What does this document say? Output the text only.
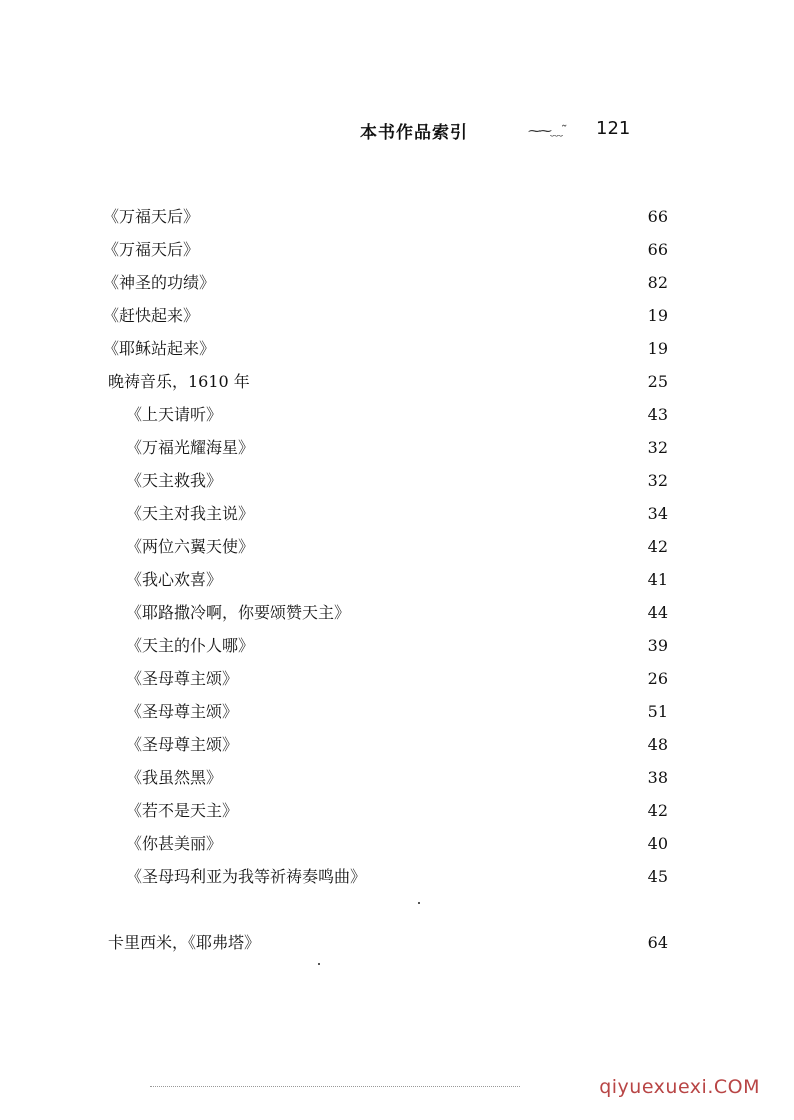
本书作品索引	⁓⁓﹏˜ 121
《万福天后》	66
《万福天后》	66
《神圣的功绩》	82
《赶快起来》	19
《耶稣站起来》	19
晚祷音乐，1610 年	25
《上天请听》	43
《万福光耀海星》	32
《天主救我》	32
《天主对我主说》	34
《两位六翼天使》	42
《我心欢喜》	41
《耶路撒冷啊，你要颂赞天主》	44
《天主的仆人哪》	39
《圣母尊主颂》	26
《圣母尊主颂》	51
《圣母尊主颂》	48
《我虽然黑》	38
《若不是天主》	42
《你甚美丽》	40
《圣母玛利亚为我等祈祷奏鸣曲》	45
卡里西米，《耶弗塔》	64
qiyuexuexi.COM
